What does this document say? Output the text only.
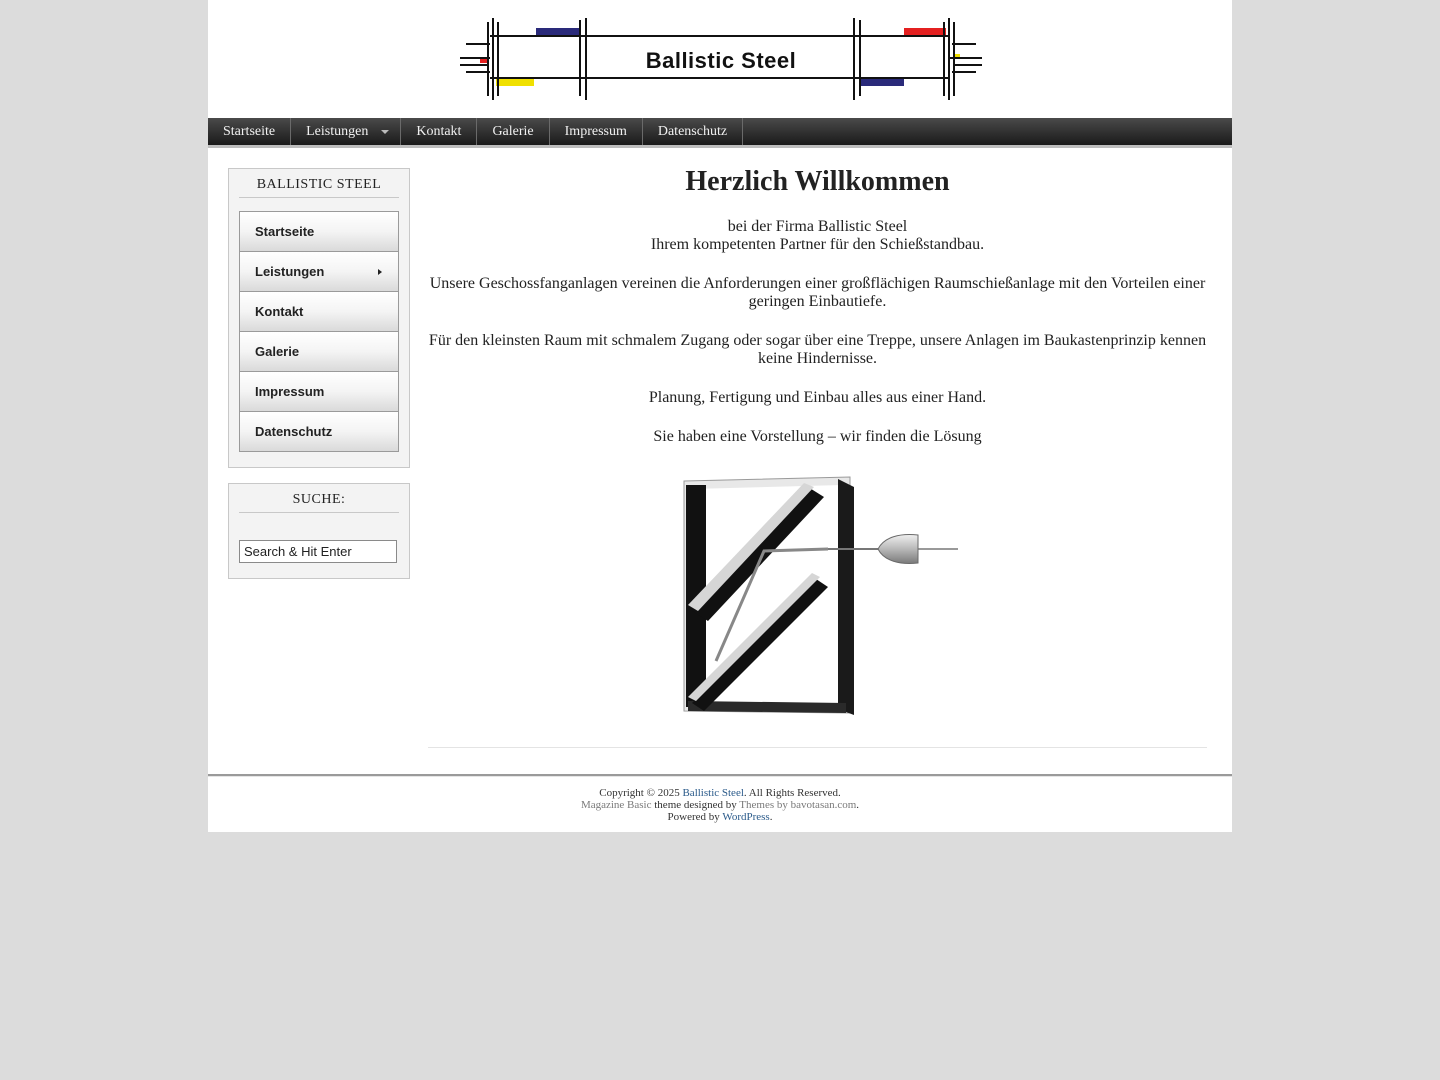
Ballistic Steel
Startseite	Leistungen	Kontakt	Galerie	Impressum	Datenschutz
BALLISTIC STEEL
Startseite
Leistungen
Kontakt
Galerie
Impressum
Datenschutz
SUCHE:
Search & Hit Enter
Herzlich Willkommen

bei der Firma Ballistic Steel
Ihrem kompetenten Partner für den Schießstandbau.

Unsere Geschossfanganlagen vereinen die Anforderungen einer großflächigen Raumschießanlage mit den Vorteilen einer geringen Einbautiefe.

Für den kleinsten Raum mit schmalem Zugang oder sogar über eine Treppe, unsere Anlagen im Baukastenprinzip kennen keine Hindernisse.

Planung, Fertigung und Einbau alles aus einer Hand.

Sie haben eine Vorstellung – wir finden die Lösung

Copyright © 2025 Ballistic Steel. All Rights Reserved.
Magazine Basic theme designed by Themes by bavotasan.com.
Powered by WordPress.
